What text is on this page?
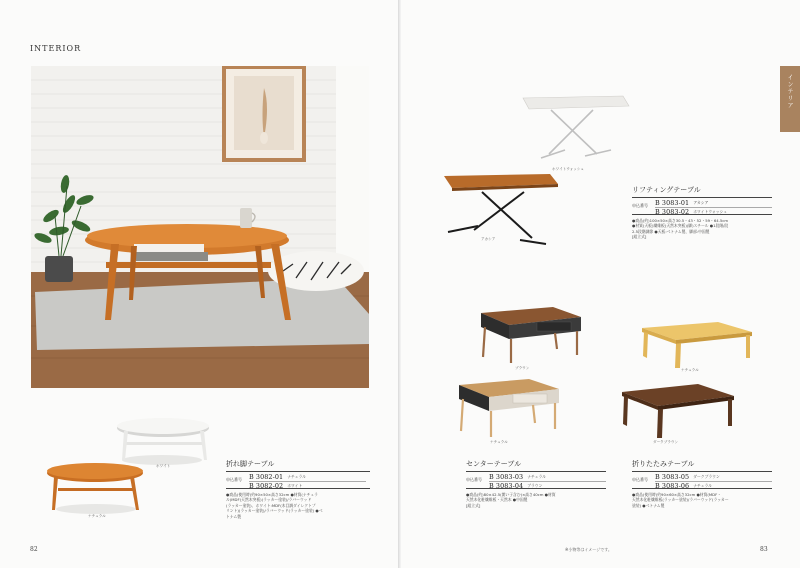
INTERIOR
ホワイト
ナチュラル
折れ脚テーブル
申込番号 B 3082-01 ナチュラル
B 3082-02 ホワイト
●商品(使用時)約90×50×高さ32cm ●材質(ナチュラ
ル)MDF(天然木突板)(ラッカー塗装)/ラバーウッド
(ラッカー塗装)、ホワイト:MDF(木目調ダイレクトプ
リント)(ラッカー塗装)/ラバーウッド(ラッカー塗装) ●ベ
トナム製
82
インテリア
ホワイトウォッシュ
アカシア
リフティングテーブル
申込番号 B 3083-01 アカシア
B 3083-02 ホワイトウォッシュ
●商品(約)100×50×高さ30.5・43・52・59・64.5cm
●材質(天板)繊維板(天然木突板)(脚)スチール ●1段階/段
2.5段階調節 ●天板:ベトナム製、脚部:中国製
[組立式]
ブラウン
ナチュラル
センターテーブル
申込番号 B 3083-03 ナチュラル
B 3083-04 ブラウン
●商品(約)80×42.5(開い子含む)×高さ40cm ●材質
天然木化粧繊維板・天然木 ●中国製
[組立式]
ナチュラル
ダークブラウン
折りたたみテーブル
申込番号 B 3083-05 ダークブラウン
B 3083-06 ナチュラル
●商品(使用時)約90×60×高さ32cm ●材質(MDF・
天然木化粧繊維板(ラッカー塗装)/ラバーウッド(ラッカー
塗装) ●ベトナム製
※小物等はイメージです。	83
